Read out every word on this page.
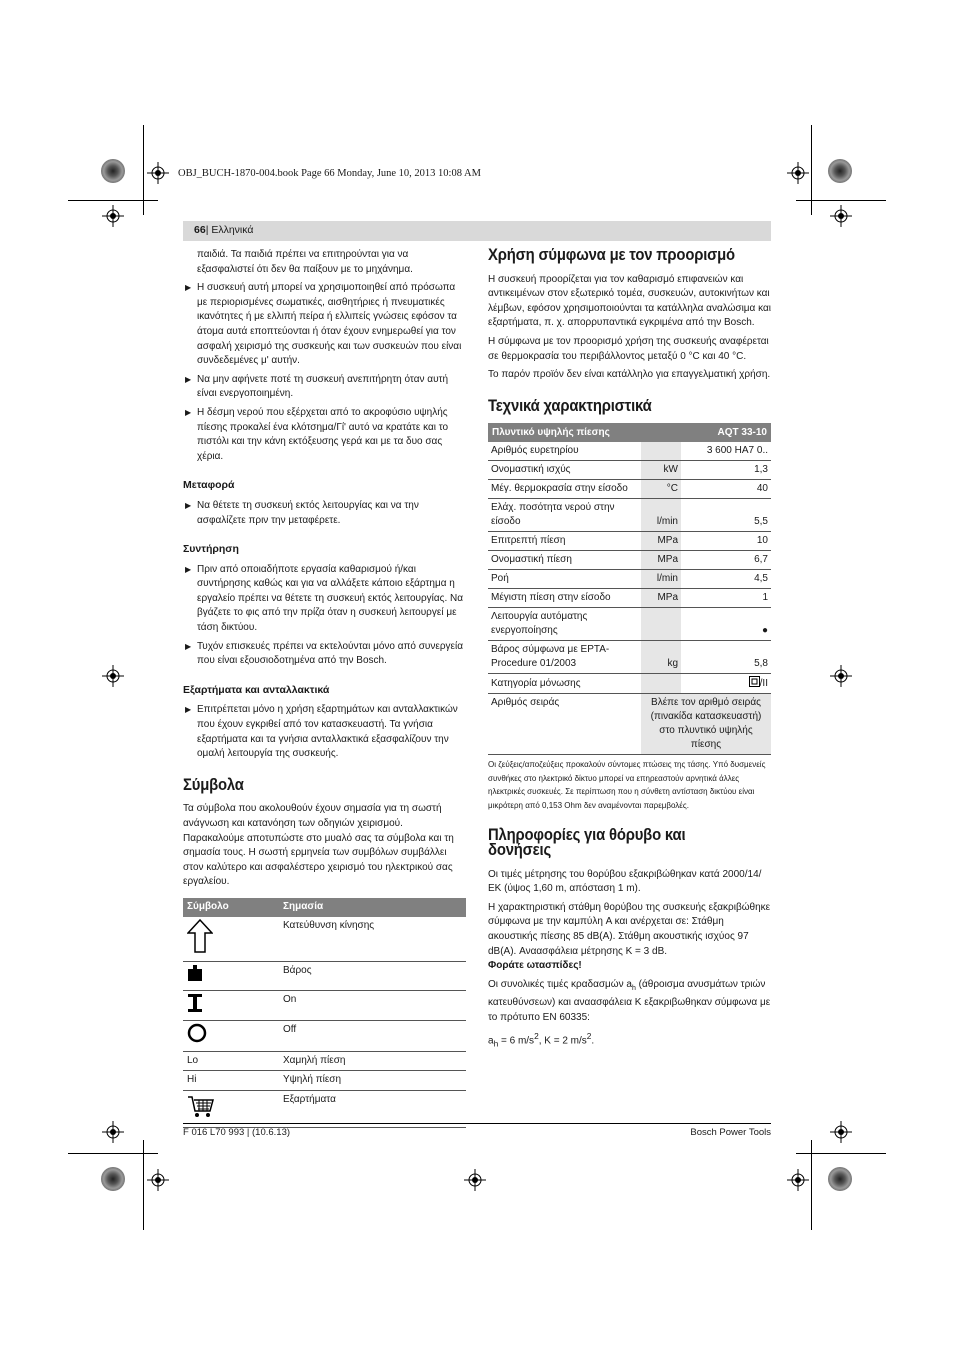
OBJ_BUCH-1870-004.book Page 66 Monday, June 10, 2013 10:08 AM
66| Ελληνικά

παιδιά. Τα παιδιά πρέπει να επιτηρούνται για να εξασφαλιστεί ότι δεν θα παίξουν με το μηχάνημα.

▶ Η συσκευή αυτή μπορεί να χρησιμοποιηθεί από πρόσωπα με περιορισμένες σωματικές, αισθητήριες ή πνευματικές ικανότητες ή με ελλιπή πείρα ή ελλιπείς γνώσεις εφόσον τα άτομα αυτά εποπτεύονται ή όταν έχουν ενημερωθεί για τον ασφαλή χειρισμό της συσκευής και των συσκευών που είναι συνδεδεμένες μ' αυτήν.
▶ Να μην αφήνετε ποτέ τη συσκευή ανεπιτήρητη όταν αυτή είναι ενεργοποιημένη.
▶ Η δέσμη νερού που εξέρχεται από το ακροφύσιο υψηλής πίεσης προκαλεί ένα κλότσημα/Γί' αυτό να κρατάτε και το πιστόλι και την κάνη εκτόξευσης γερά και με τα δυο σας χέρια.
Μεταφορά
▶ Να θέτετε τη συσκευή εκτός λειτουργίας και να την ασφαλίζετε πριν την μεταφέρετε.
Συντήρηση
▶ Πριν από οποιαδήποτε εργασία καθαρισμού ή/και συντήρησης καθώς και για να αλλάξετε κάποιο εξάρτημα η εργαλείο πρέπει να θέτετε τη συσκευή εκτός λειτουργίας. Να βγάζετε το φις από την πρίζα όταν η συσκευή λειτουργεί με τάση δικτύου.
▶ Τυχόν επισκευές πρέπει να εκτελούνται μόνο από συνεργεία που είναι εξουσιοδοτημένα από την Bosch.
Εξαρτήματα και ανταλλακτικά
▶ Επιτρέπεται μόνο η χρήση εξαρτημάτων και ανταλλακτικών που έχουν εγκριθεί από τον κατασκευαστή. Τα γνήσια εξαρτήματα και τα γνήσια ανταλλακτικά εξασφαλίζουν την ομαλή λειτουργία της συσκευής.
Σύμβολα

Τα σύμβολα που ακολουθούν έχουν σημασία για τη σωστή ανάγνωση και κατανόηση των οδηγιών χειρισμού. Παρακαλούμε αποτυπώστε στο μυαλό σας τα σύμβολα και τη σημασία τους. Η σωστή ερμηνεία των συμβόλων συμβάλλει στον καλύτερο και ασφαλέστερο χειρισμό του ηλεκτρικού σας εργαλείου.

Σύμβολο	Σημασία
	Κατεύθυνση κίνησης
	Βάρος
	On
	Off
Lo	Χαμηλή πίεση
Hi	Υψηλή πίεση
	Εξαρτήματα
Χρήση σύμφωνα με τον προορισμό

Η συσκευή προορίζεται για τον καθαρισμό επιφανειών και αντικειμένων στον εξωτερικό τομέα, συσκευών, αυτοκινήτων και λέμβων, εφόσον χρησιμοποιούνται τα κατάλληλα αναλώσιμα και εξαρτήματα, π. χ. απορρυπαντικά εγκριμένα από την Bosch.

Η σύμφωνα με τον προορισμό χρήση της συσκευής αναφέρεται σε θερμοκρασία του περιβάλλοντος μεταξύ 0 °C και 40 °C.

Το παρόν προϊόν δεν είναι κατάλληλο για επαγγελματική χρήση.

Τεχνικά χαρακτηριστικά
Πλυντικό υψηλής πίεσης		AQT 33-10
Αριθμός ευρετηρίου		3 600 HA7 0..
Ονομαστική ισχύς	kW	1,3
Μέγ. θερμοκρασία στην είσοδο	°C	40
Ελάχ. ποσότητα νερού στην είσοδο	l/min	5,5
Επιτρεπτή πίεση	MPa	10
Ονομαστική πίεση	MPa	6,7
Ροή	l/min	4,5
Μέγιστη πίεση στην είσοδο	MPa	1
Λειτουργία αυτόματης ενεργοποίησης		●
Βάρος σύμφωνα με EPTA-Procedure 01/2003	kg	5,8
Κατηγορία μόνωσης		/II
Αριθμός σειράς	Βλέπε τον αριθμό σειράς (πινακίδα κατασκευαστή) στο πλυντικό υψηλής πίεσης	
Οι ζεύξεις/αποζεύξεις προκαλούν σύντομες πτώσεις της τάσης. Υπό δυσμενείς συνθήκες στο ηλεκτρικό δίκτυο μπορεί να επηρεαστούν αρνητικά άλλες ηλεκτρικές συσκευές. Σε περίπτωση που η σύνθετη αντίσταση δικτύου είναι μικρότερη από 0,153 Ohm δεν αναμένονται παρεμβολές.
Πληροφορίες για θόρυβο και δονήσεις

Οι τιμές μέτρησης του θορύβου εξακριβώθηκαν κατά 2000/14/ΕΚ (ύψος 1,60 m, απόσταση 1 m).

Η χαρακτηριστική στάθμη θορύβου της συσκευής εξακριβώθηκε σύμφωνα με την καμπύλη A και ανέρχεται σε: Στάθμη ακουστικής πίεσης 85 dB(A). Στάθμη ακουστικής ισχύος 97 dB(A). Αναασφάλεια μέτρησης K = 3 dB.

Φοράτε ωτασπίδες!

Οι συνολικές τιμές κραδασμών $a_h$ (άθροισμα ανυσμάτων τριών κατευθύνσεων) και αναασφάλεια K εξακριβωθηκαν σύμφωνα με το πρότυπο EN 60335:

$a_h = 6$ $m/s^2$, K = 2 $m/s^2$.

F 016 L70 993 | (10.6.13)	Bosch Power Tools
